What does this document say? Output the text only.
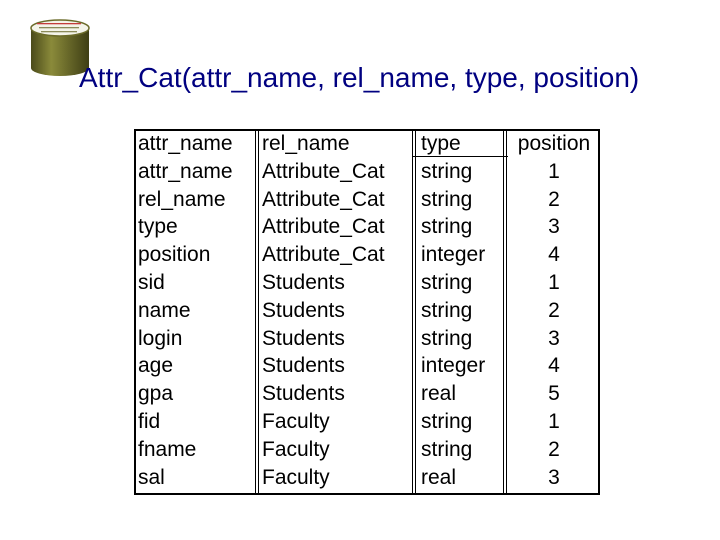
Attr_Cat(attr_name, rel_name, type, position)
attr_name
attr_name
rel_name
type
position
sid
name
login
age
gpa
fid
fname
sal
rel_name
Attribute_Cat
Attribute_Cat
Attribute_Cat
Attribute_Cat
Students
Students
Students
Students
Students
Faculty
Faculty
Faculty
type
string
string
string
integer
string
string
string
integer
real
string
string
real
position
1
2
3
4
1
2
3
4
5
1
2
3
